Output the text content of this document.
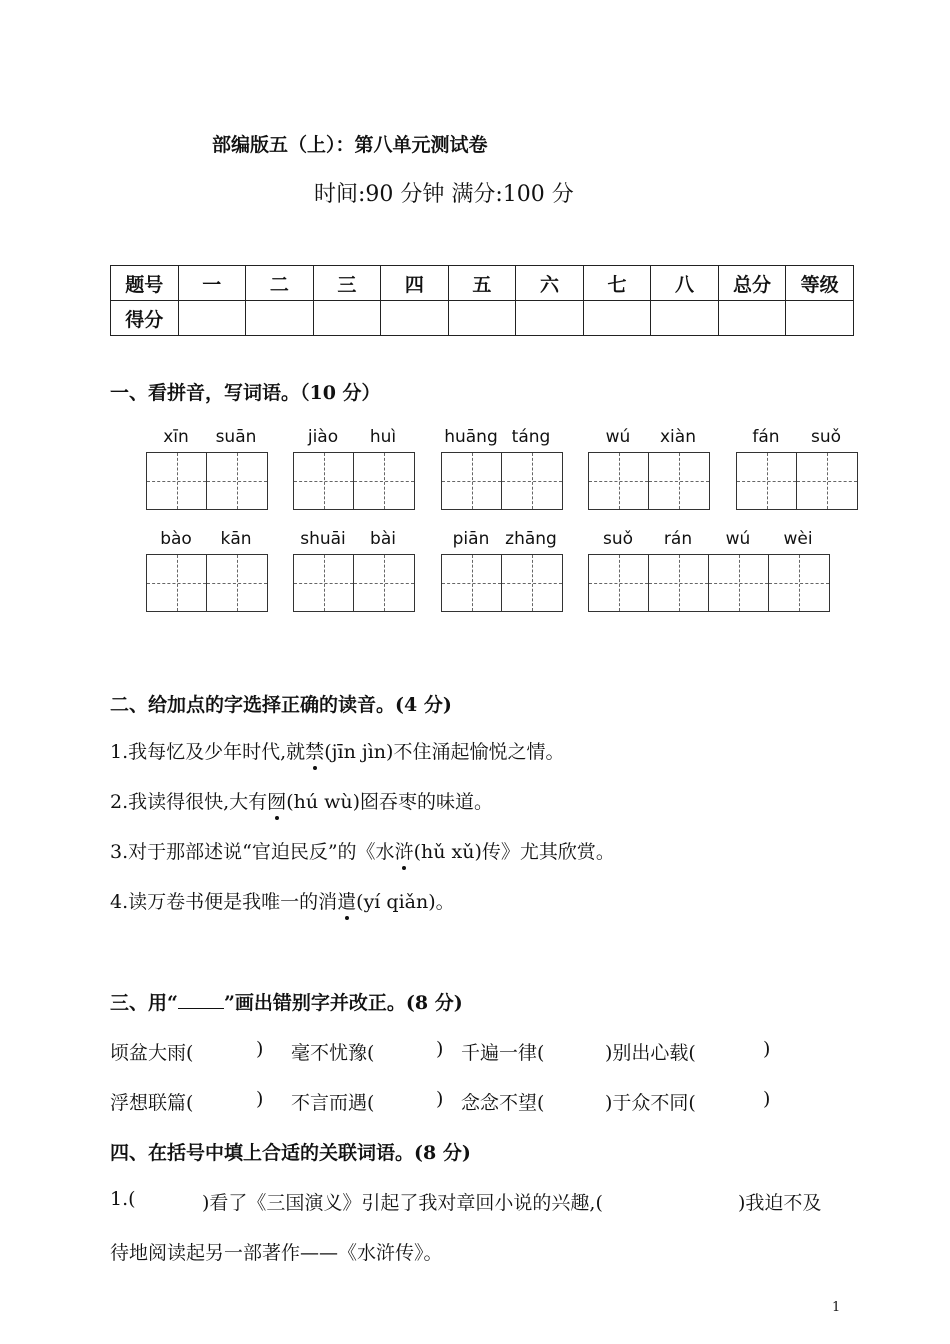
部编版五（上）：第八单元测试卷
时间:90 分钟 满分:100 分
题号	一	二	三	四	五	六	七	八	总分	等级
得分										
一、看拼音，写词语。（10 分）
xīn	suān	jiào	huì	huāng táng	wú	xiàn	fán	suǒ
bào	kān	shuāi	bài	piān zhāng	suǒ	rán	wú	wèi
二、给加点的字选择正确的读音。(4 分)
1.我每忆及少年时代,就禁(jīn jìn)不住涌起愉悦之情。
2.我读得很快,大有囫(hú wù)囵吞枣的味道。
3.对于那部述说“官迫民反”的《水浒(hǔ xǔ)传》尤其欣赏。
4.读万卷书便是我唯一的消遣(yí qiǎn)。
三、用“ ”画出错别字并改正。(8 分)
顷盆大雨(	) 毫不忧豫(	) 千遍一律(	)别出心载(	)
浮想联篇(	) 不言而遇(	) 念念不望(	)于众不同(	)
四、在括号中填上合适的关联词语。(8 分)
1.(	)看了《三国演义》引起了我对章回小说的兴趣,(	)我迫不及
待地阅读起另一部著作——《水浒传》。
1
